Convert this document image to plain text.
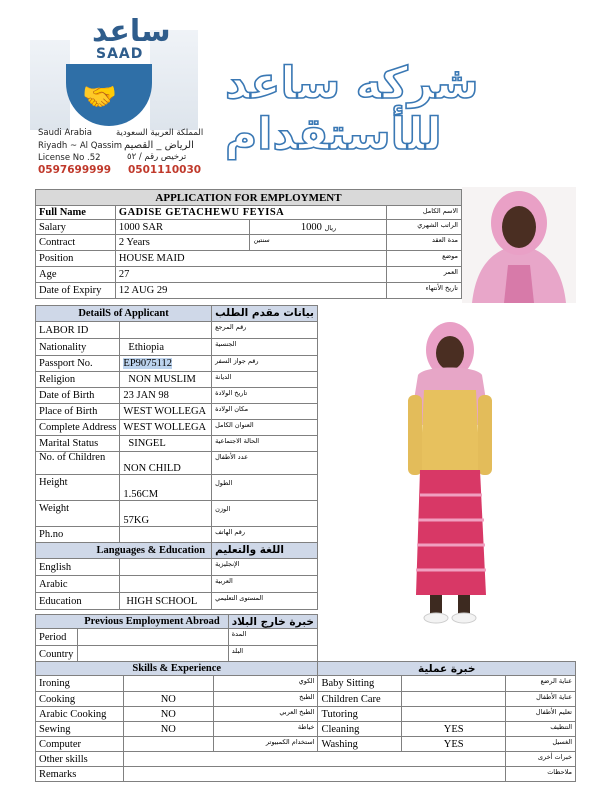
ساعد
SAAD
🤝
Saudi Arabia	المملكة العربية السعودية
Riyadh ~ Al Qassim الرياض _ القصيم
License No .52	ترخيص رقم / ٥٢
0597699999 0501110030
شركه ساعد للأستقدام
APPLICATION FOR EMPLOYMENT			
Full Name	GADISE GETACHEWU FEYISA		الاسم الكامل
Salary	1000 SAR	1000 ريال	الراتب الشهري
Contract	2 Years	سنتين	مدة العقد
Position	HOUSE MAID		موضع
Age	27		العمر
Date of Expiry	12 AUG 29		تاريخ الأنتهاء
DetailS of Applicant		بيانات مقدم الطلب
LABOR ID		رقم المرجع
Nationality	Ethiopia	الجنسية
Passport No.	EP9075112	رقم جواز السفر
Religion	NON MUSLIM	الديانة
Date of Birth	23 JAN 98	تاريخ الولادة
Place of Birth	WEST WOLLEGA	مكان الولادة
Complete Address	WEST WOLLEGA	العنوان الكامل
Marital Status	SINGEL	الحالة الاجتماعية
No. of Children	NON CHILD	عدد الأطفال
Height	1.56CM	الطول
Weight	57KG	الوزن
Ph.no		رقم الهاتف
Languages & Education		اللغة والتعليم
English		الإنجليزية
Arabic		العربية
Education	HIGH SCHOOL	المستوى التعليمي
Previous Employment Abroad		خبرة خارج البلاد
Period		المدة
Country		البلد
Skills & Experience			خبرة عملية		
Ironing		الكوي	Baby Sitting		عناية الرضع
Cooking	NO	الطبخ	Children Care		عناية الأطفال
Arabic Cooking	NO	الطبخ العربي	Tutoring		تعليم الأطفال
Sewing	NO	خياطة	Cleaning	YES	التنظيف
Computer		استخدام الكمبيوتر	Washing	YES	الغسيل
Other skills					خبرات أخرى
Remarks					ملاحظات
